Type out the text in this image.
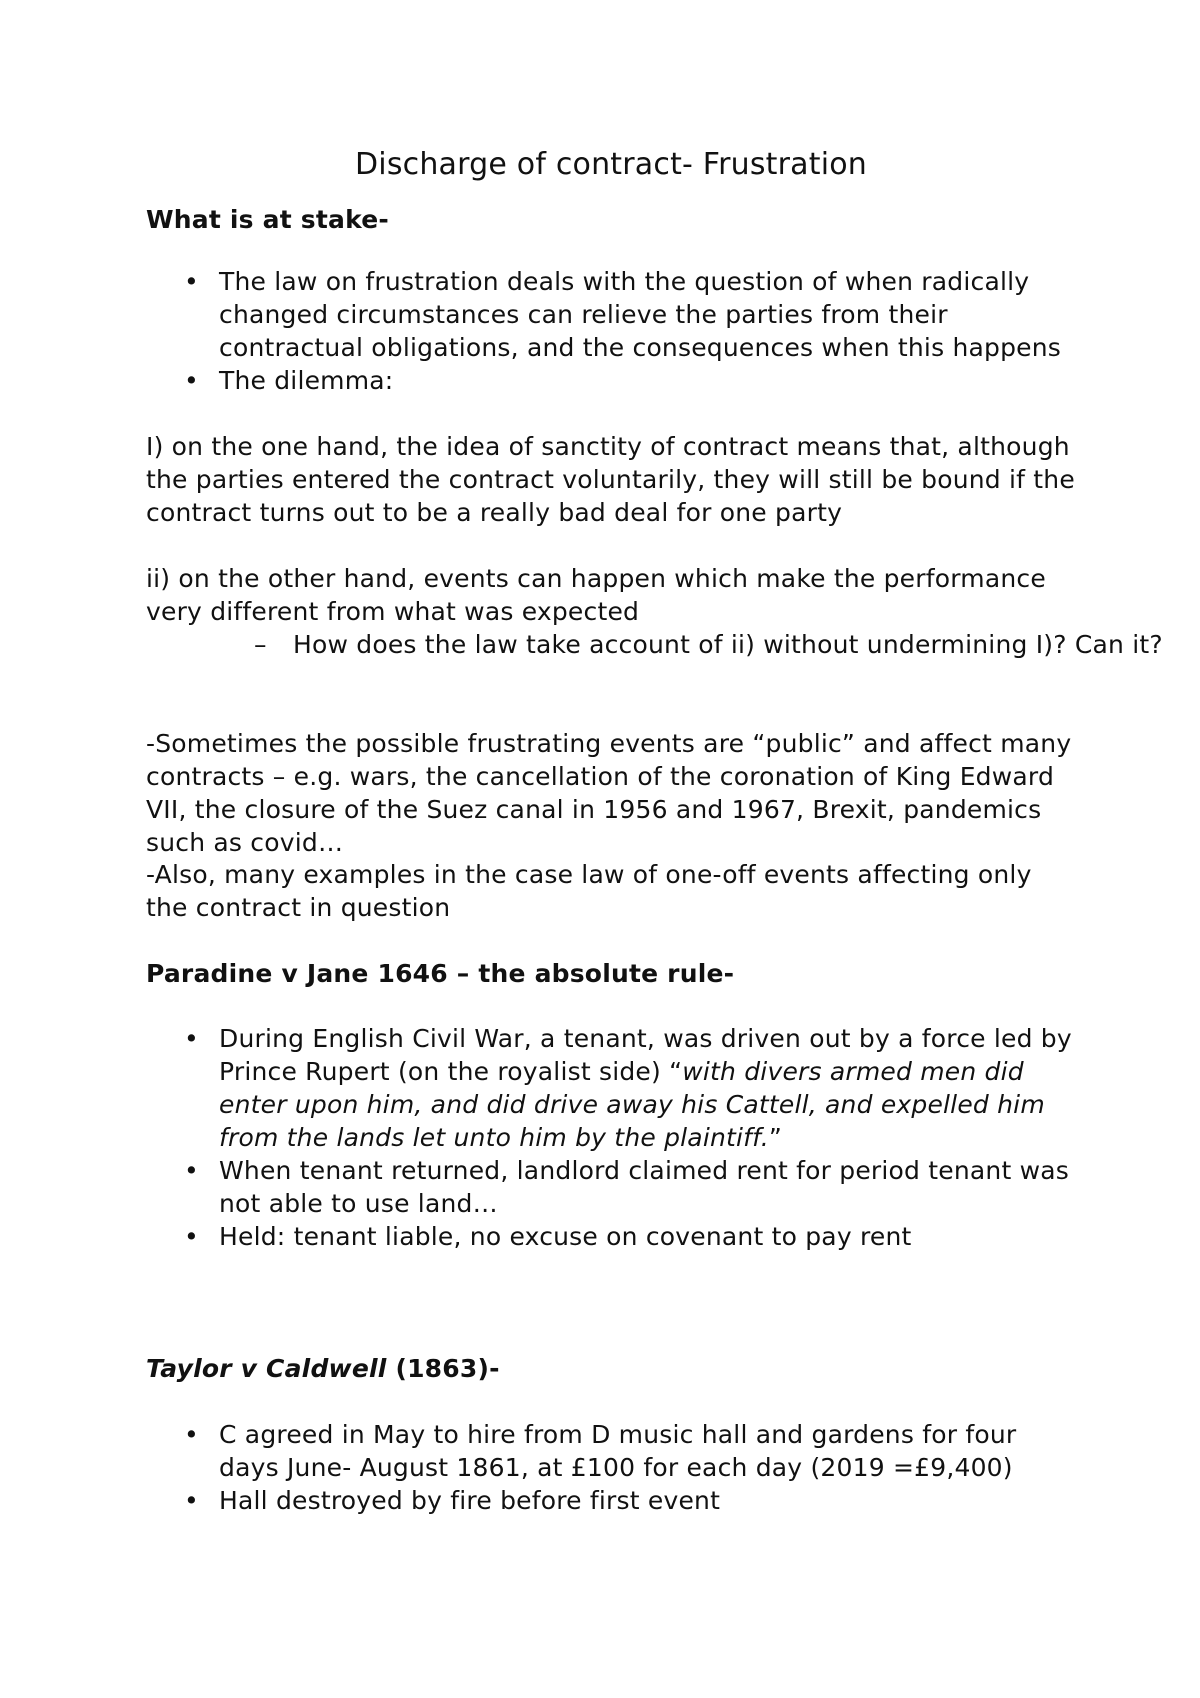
Discharge of contract- Frustration
What is at stake-
• The law on frustration deals with the question of when radically changed circumstances can relieve the parties from their contractual obligations, and the consequences when this happens
• The dilemma:
I) on the one hand, the idea of sanctity of contract means that, although the parties entered the contract voluntarily, they will still be bound if the contract turns out to be a really bad deal for one party
ii) on the other hand, events can happen which make the performance very different from what was expected
– How does the law take account of ii) without undermining I)? Can it?
-Sometimes the possible frustrating events are “public” and affect many contracts – e.g. wars, the cancellation of the coronation of King Edward VII, the closure of the Suez canal in 1956 and 1967, Brexit, pandemics such as covid…
-Also, many examples in the case law of one-off events affecting only the contract in question
Paradine v Jane 1646 – the absolute rule-
• During English Civil War, a tenant, was driven out by a force led by Prince Rupert (on the royalist side) “with divers armed men did enter upon him, and did drive away his Cattell, and expelled him from the lands let unto him by the plaintiff.”
• When tenant returned, landlord claimed rent for period tenant was not able to use land…
• Held: tenant liable, no excuse on covenant to pay rent
Taylor v Caldwell (1863)-
• C agreed in May to hire from D music hall and gardens for four days June- August 1861, at £100 for each day (2019 =£9,400)
• Hall destroyed by fire before first event
